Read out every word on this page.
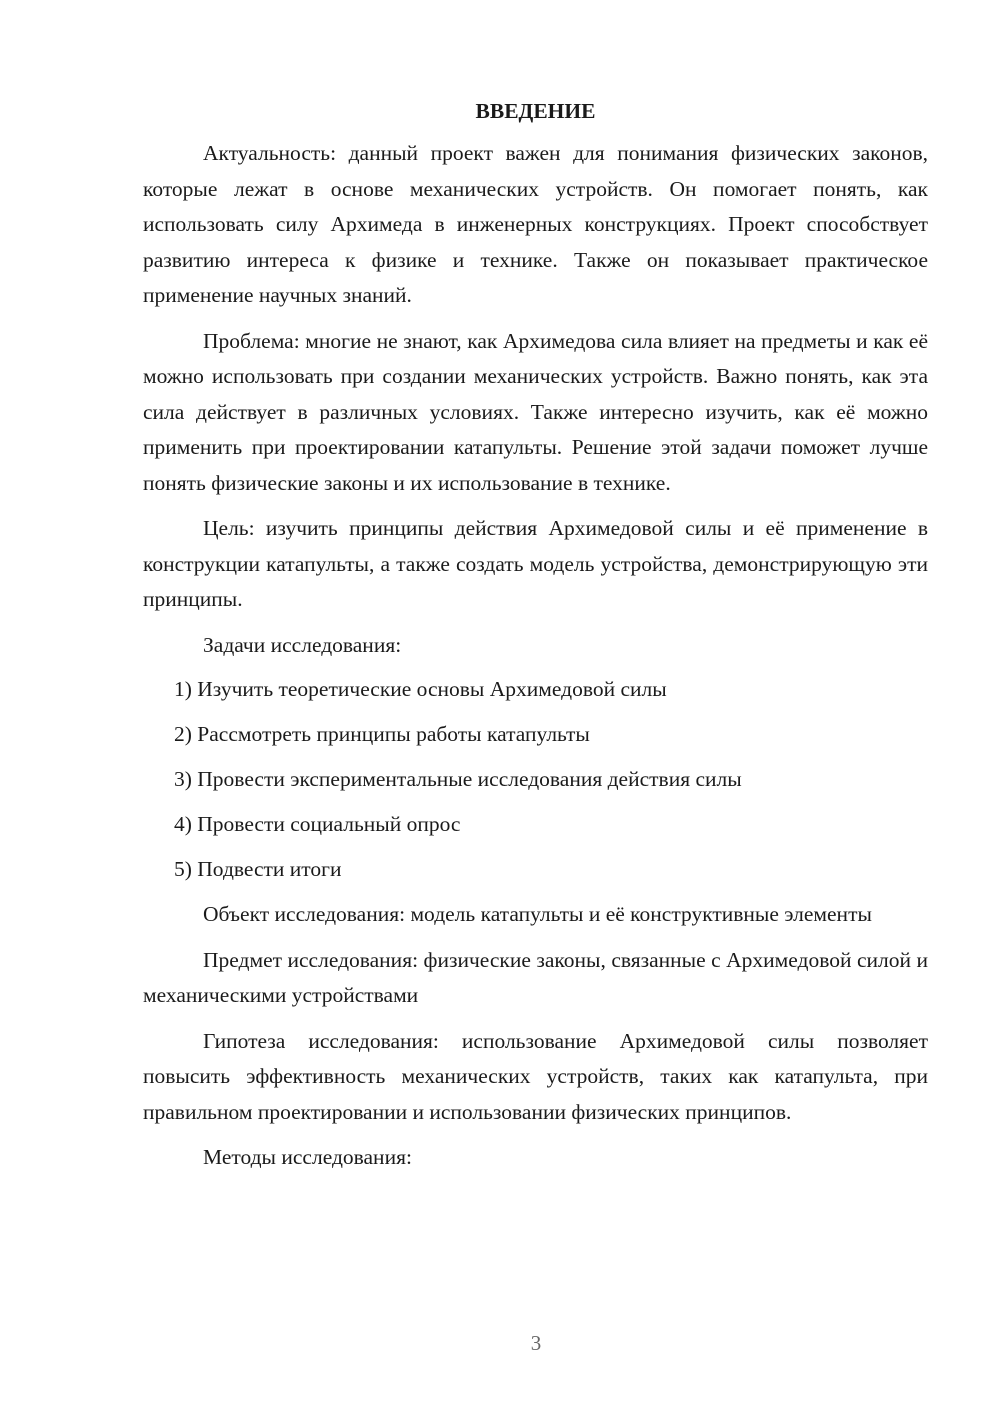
ВВЕДЕНИЕ

Актуальность: данный проект важен для понимания физических законов, которые лежат в основе механических устройств. Он помогает понять, как использовать силу Архимеда в инженерных конструкциях. Проект способствует развитию интереса к физике и технике. Также он показывает практическое применение научных знаний.

Проблема: многие не знают, как Архимедова сила влияет на предметы и как её можно использовать при создании механических устройств. Важно понять, как эта сила действует в различных условиях. Также интересно изучить, как её можно применить при проектировании катапульты. Решение этой задачи поможет лучше понять физические законы и их использование в технике.

Цель: изучить принципы действия Архимедовой силы и её применение в конструкции катапульты, а также создать модель устройства, демонстрирующую эти принципы.

Задачи исследования:

1) Изучить теоретические основы Архимедовой силы
2) Рассмотреть принципы работы катапульты
3) Провести экспериментальные исследования действия силы
4) Провести социальный опрос
5) Подвести итоги

Объект исследования: модель катапульты и её конструктивные элементы

Предмет исследования: физические законы, связанные с Архимедовой силой и механическими устройствами

Гипотеза исследования: использование Архимедовой силы позволяет повысить эффективность механических устройств, таких как катапульта, при правильном проектировании и использовании физических принципов.

Методы исследования:

3
